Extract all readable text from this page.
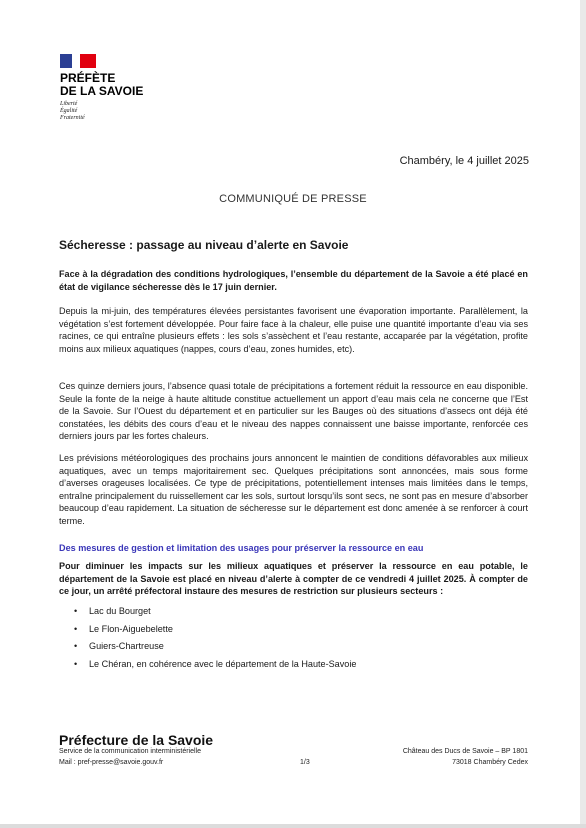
PRÉFÈTE
DE LA SAVOIE
Liberté
Égalité
Fraternité
Chambéry, le 4 juillet 2025
COMMUNIQUÉ DE PRESSE
Sécheresse : passage au niveau d’alerte en Savoie
Face à la dégradation des conditions hydrologiques, l’ensemble du département de la Savoie a été placé en état de vigilance sécheresse dès le 17 juin dernier.
Depuis la mi-juin, des températures élevées persistantes favorisent une évaporation importante. Parallèlement, la végétation s’est fortement développée. Pour faire face à la chaleur, elle puise une quantité importante d’eau via ses racines, ce qui entraîne plusieurs effets : les sols s’assèchent et l’eau restante, accaparée par la végétation, profite moins aux milieux aquatiques (nappes, cours d’eau, zones humides, etc).
Ces quinze derniers jours, l’absence quasi totale de précipitations a fortement réduit la ressource en eau disponible. Seule la fonte de la neige à haute altitude constitue actuellement un apport d’eau mais cela ne concerne que l’Est de la Savoie. Sur l’Ouest du département et en particulier sur les Bauges où des situations d’assecs ont déjà été constatées, les débits des cours d’eau et le niveau des nappes connaissent une baisse importante, renforcée ces derniers jours par les fortes chaleurs.
Les prévisions météorologiques des prochains jours annoncent le maintien de conditions défavorables aux milieux aquatiques, avec un temps majoritairement sec. Quelques précipitations sont annoncées, mais sous forme d’averses orageuses localisées. Ce type de précipitations, potentiellement intenses mais limitées dans le temps, entraîne principalement du ruissellement car les sols, surtout lorsqu’ils sont secs, ne sont pas en mesure d’absorber beaucoup d’eau rapidement. La situation de sécheresse sur le département est donc amenée à se renforcer à court terme.
Des mesures de gestion et limitation des usages pour préserver la ressource en eau
Pour diminuer les impacts sur les milieux aquatiques et préserver la ressource en eau potable, le département de la Savoie est placé en niveau d’alerte à compter de ce vendredi 4 juillet 2025. À compter de ce jour, un arrêté préfectoral instaure des mesures de restriction sur plusieurs secteurs :
• Lac du Bourget
• Le Flon-Aiguebelette
• Guiers-Chartreuse
• Le Chéran, en cohérence avec le département de la Haute-Savoie
Préfecture de la Savoie
Service de la communication interministérielle
Mail : pref-presse@savoie.gouv.fr	1/3
Château des Ducs de Savoie – BP 1801
73018 Chambéry Cedex
